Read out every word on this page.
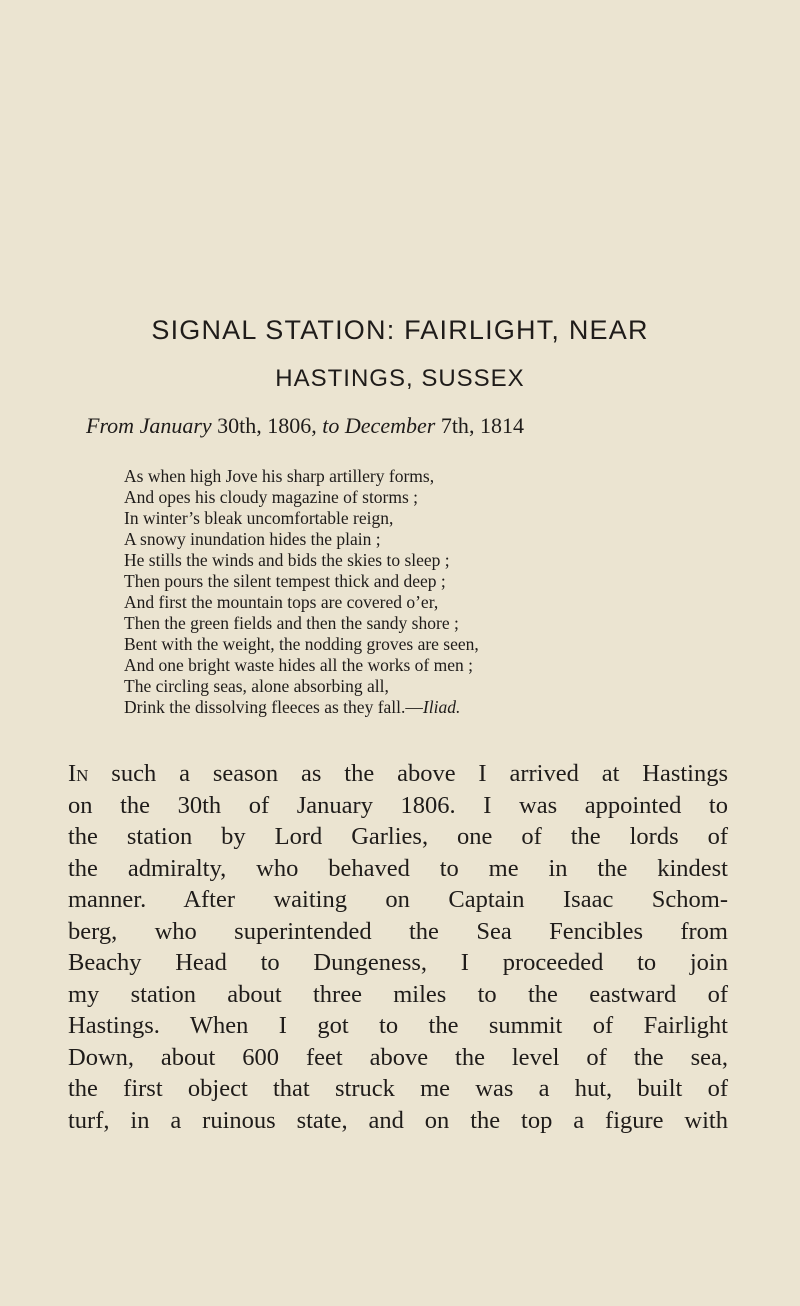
SIGNAL STATION: FAIRLIGHT, NEAR
HASTINGS, SUSSEX
From January 30th, 1806, to December 7th, 1814
As when high Jove his sharp artillery forms,
And opes his cloudy magazine of storms ;
In winter’s bleak uncomfortable reign,
A snowy inundation hides the plain ;
He stills the winds and bids the skies to sleep ;
Then pours the silent tempest thick and deep ;
And first the mountain tops are covered o’er,
Then the green fields and then the sandy shore ;
Bent with the weight, the nodding groves are seen,
And one bright waste hides all the works of men ;
The circling seas, alone absorbing all,
Drink the dissolving fleeces as they fall.—Iliad.
In such a season as the above I arrived at Hastings
on the 30th of January 1806. I was appointed to
the station by Lord Garlies, one of the lords of
the admiralty, who behaved to me in the kindest
manner. After waiting on Captain Isaac Schom-
berg, who superintended the Sea Fencibles from
Beachy Head to Dungeness, I proceeded to join
my station about three miles to the eastward of
Hastings. When I got to the summit of Fairlight
Down, about 600 feet above the level of the sea,
the first object that struck me was a hut, built of
turf, in a ruinous state, and on the top a figure with
